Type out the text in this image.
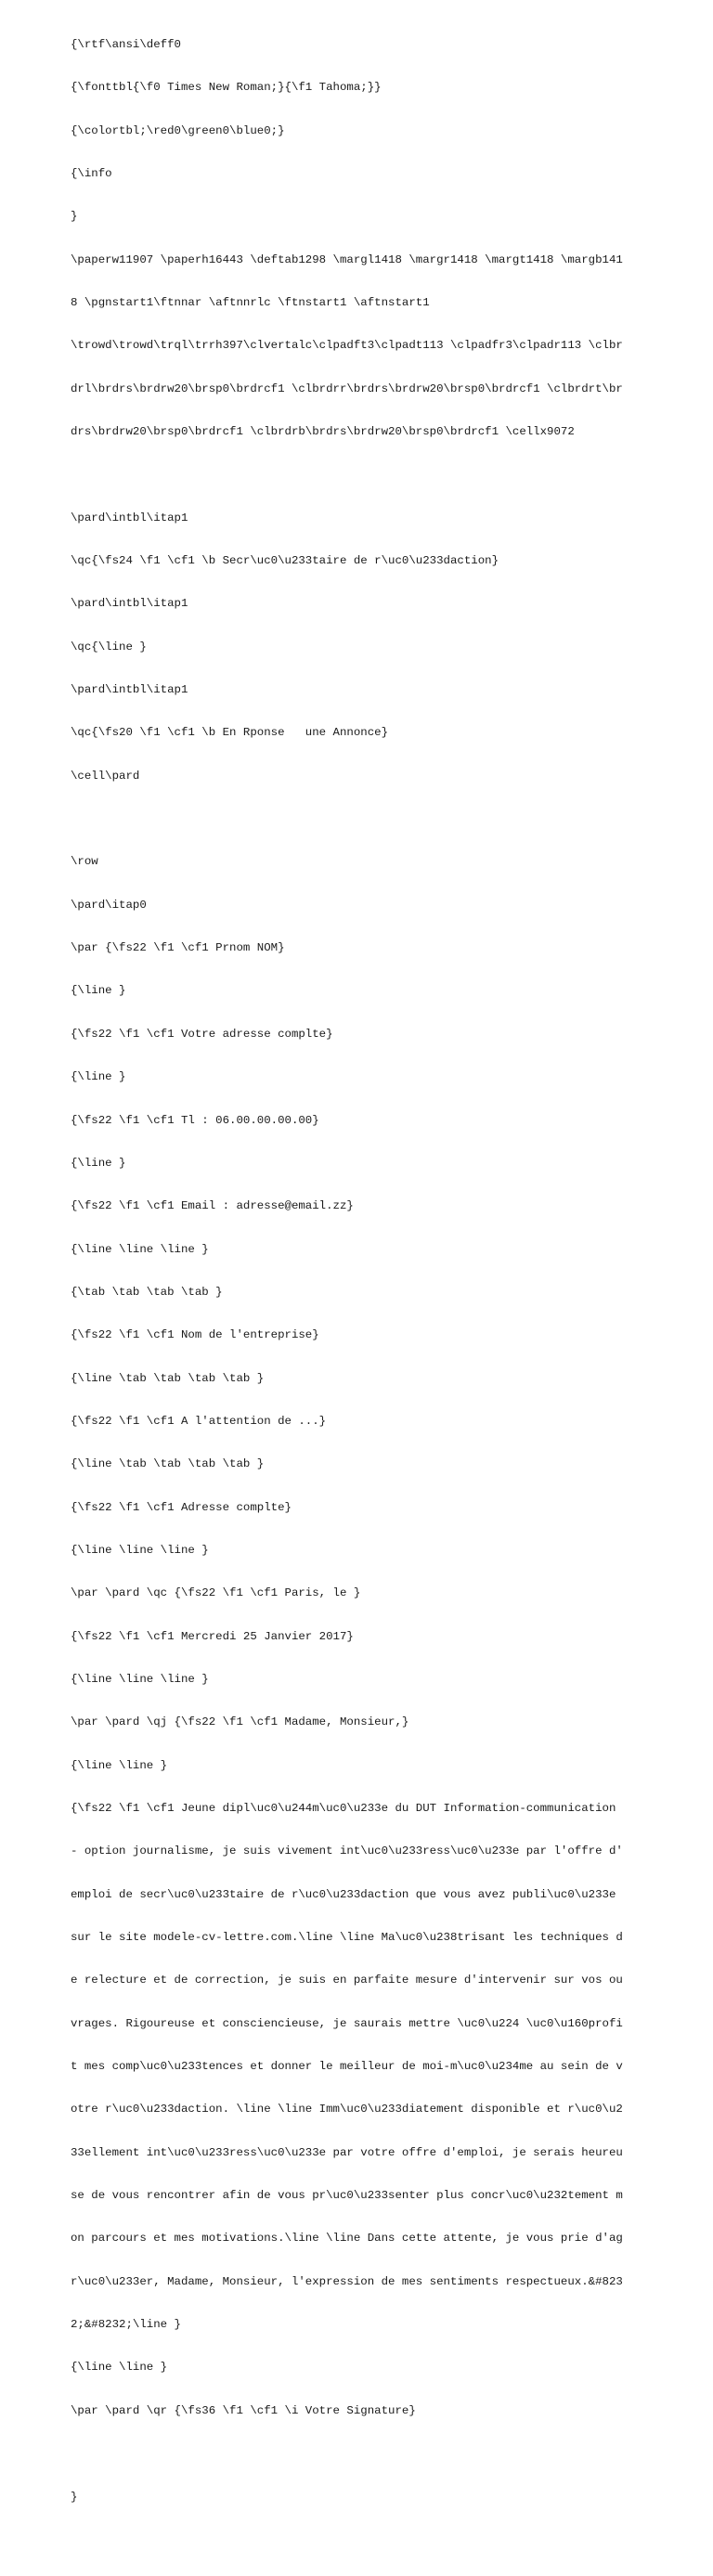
{\rtf\ansi\deff0

{\fonttbl{\f0 Times New Roman;}{\f1 Tahoma;}}

{\colortbl;\red0\green0\blue0;}

{\info

}

\paperw11907 \paperh16443 \deftab1298 \margl1418 \margr1418 \margt1418 \margb141

8 \pgnstart1\ftnnar \aftnnrlc \ftnstart1 \aftnstart1

\trowd\trowd\trql\trrh397\clvertalc\clpadft3\clpadt113 \clpadfr3\clpadr113 \clbr

drl\brdrs\brdrw20\brsp0\brdrcf1 \clbrdrr\brdrs\brdrw20\brsp0\brdrcf1 \clbrdrt\br

drs\brdrw20\brsp0\brdrcf1 \clbrdrb\brdrs\brdrw20\brsp0\brdrcf1 \cellx9072

\pard\intbl\itap1

\qc{\fs24 \f1 \cf1 \b Secr\uc0\u233taire de r\uc0\u233daction}

\pard\intbl\itap1

\qc{\line }

\pard\intbl\itap1

\qc{\fs20 \f1 \cf1 \b En Rponse   une Annonce}

\cell\pard

\row

\pard\itap0

\par {\fs22 \f1 \cf1 Prnom NOM}

{\line }

{\fs22 \f1 \cf1 Votre adresse complte}

{\line }

{\fs22 \f1 \cf1 Tl : 06.00.00.00.00}

{\line }

{\fs22 \f1 \cf1 Email : adresse@email.zz}

{\line \line \line }

{\tab \tab \tab \tab }

{\fs22 \f1 \cf1 Nom de l'entreprise}

{\line \tab \tab \tab \tab }

{\fs22 \f1 \cf1 A l'attention de ...}

{\line \tab \tab \tab \tab }

{\fs22 \f1 \cf1 Adresse complte}

{\line \line \line }

\par \pard \qc {\fs22 \f1 \cf1 Paris, le }

{\fs22 \f1 \cf1 Mercredi 25 Janvier 2017}

{\line \line \line }

\par \pard \qj {\fs22 \f1 \cf1 Madame, Monsieur,}

{\line \line }

{\fs22 \f1 \cf1 Jeune dipl\uc0\u244m\uc0\u233e du DUT Information-communication

- option journalisme, je suis vivement int\uc0\u233ress\uc0\u233e par l'offre d'

emploi de secr\uc0\u233taire de r\uc0\u233daction que vous avez publi\uc0\u233e

sur le site modele-cv-lettre.com.\line \line Ma\uc0\u238trisant les techniques d

e relecture et de correction, je suis en parfaite mesure d'intervenir sur vos ou

vrages. Rigoureuse et consciencieuse, je saurais mettre \uc0\u224 \uc0\u160profi

t mes comp\uc0\u233tences et donner le meilleur de moi-m\uc0\u234me au sein de v

otre r\uc0\u233daction. \line \line Imm\uc0\u233diatement disponible et r\uc0\u2

33ellement int\uc0\u233ress\uc0\u233e par votre offre d'emploi, je serais heureu

se de vous rencontrer afin de vous pr\uc0\u233senter plus concr\uc0\u232tement m

on parcours et mes motivations.\line \line Dans cette attente, je vous prie d'ag

r\uc0\u233er, Madame, Monsieur, l'expression de mes sentiments respectueux.&#823

2;&#8232;\line }

{\line \line }

\par \pard \qr {\fs36 \f1 \cf1 \i Votre Signature}

}
